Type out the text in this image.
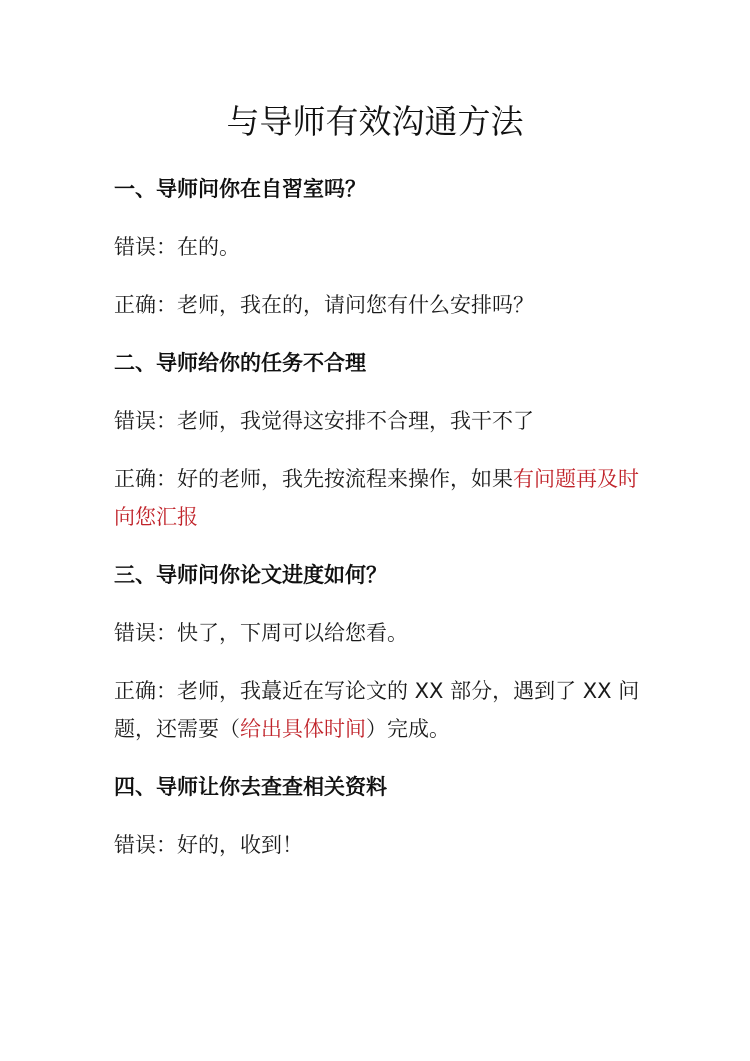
与导师有效沟通方法

一、导师问你在自習室吗？

错误：在的。

正确：老师，我在的，请问您有什么安排吗？

二、导师给你的任务不合理

错误：老师，我觉得这安排不合理，我干不了

正确：好的老师，我先按流程来操作，如果有问题再及时向您汇报

三、导师问你论文进度如何？

错误：快了，下周可以给您看。

正确：老师，我蕞近在写论文的 XX 部分，遇到了 XX 问题，还需要（给出具体时间）完成。

四、导师让你去查查相关资料

错误：好的，收到！
